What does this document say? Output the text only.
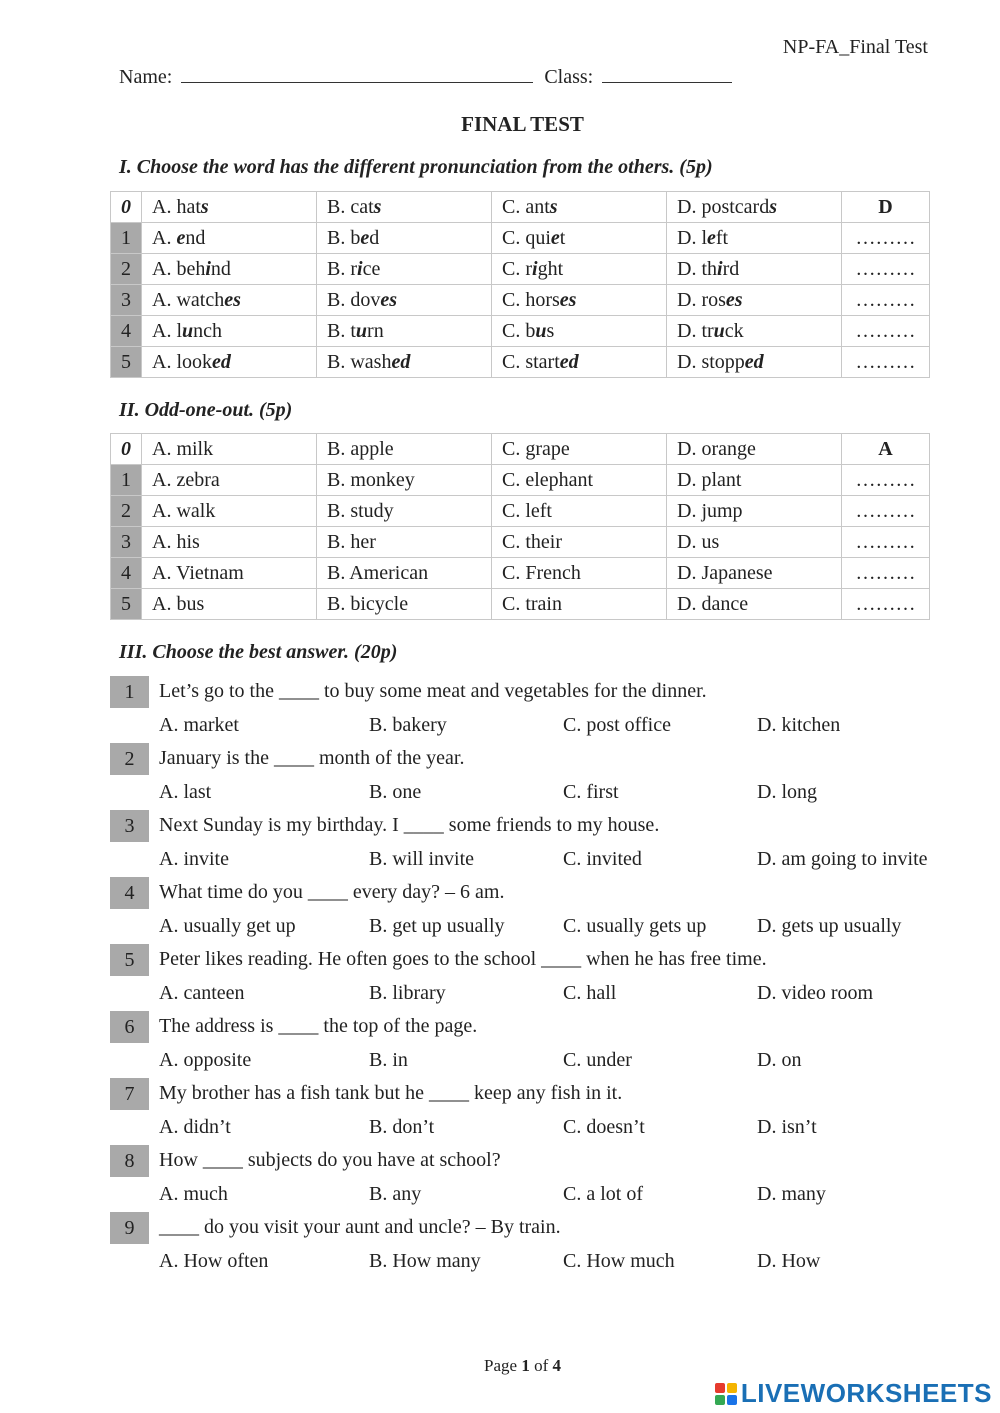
NP-FA_Final Test
Name:	Class:
FINAL TEST
I. Choose the word has the different pronunciation from the others. (5p)
0	A. hats	B. cats	C. ants	D. postcards	D
1	A. end	B. bed	C. quiet	D. left	………
2	A. behind	B. rice	C. right	D. third	………
3	A. watches	B. doves	C. horses	D. roses	………
4	A. lunch	B. turn	C. bus	D. truck	………
5	A. looked	B. washed	C. started	D. stopped	………
II. Odd-one-out. (5p)
0	A. milk	B. apple	C. grape	D. orange	A
1	A. zebra	B. monkey	C. elephant	D. plant	………
2	A. walk	B. study	C. left	D. jump	………
3	A. his	B. her	C. their	D. us	………
4	A. Vietnam	B. American	C. French	D. Japanese	………
5	A. bus	B. bicycle	C. train	D. dance	………
III. Choose the best answer. (20p)
1	Let’s go to the ____ to buy some meat and vegetables for the dinner.
A. market	B. bakery	C. post office	D. kitchen
2	January is the ____ month of the year.
A. last	B. one	C. first	D. long
3	Next Sunday is my birthday. I ____ some friends to my house.
A. invite	B. will invite	C. invited	D. am going to invite
4	What time do you ____ every day? – 6 am.
A. usually get up	B. get up usually	C. usually gets up	D. gets up usually
5	Peter likes reading. He often goes to the school ____ when he has free time.
A. canteen	B. library	C. hall	D. video room
6	The address is ____ the top of the page.
A. opposite	B. in	C. under	D. on
7	My brother has a fish tank but he ____ keep any fish in it.
A. didn’t	B. don’t	C. doesn’t	D. isn’t
8	How ____ subjects do you have at school?
A. much	B. any	C. a lot of	D. many
9	____ do you visit your aunt and uncle? – By train.
A. How often	B. How many	C. How much	D. How
Page 1 of 4
LIVEWORKSHEETS
